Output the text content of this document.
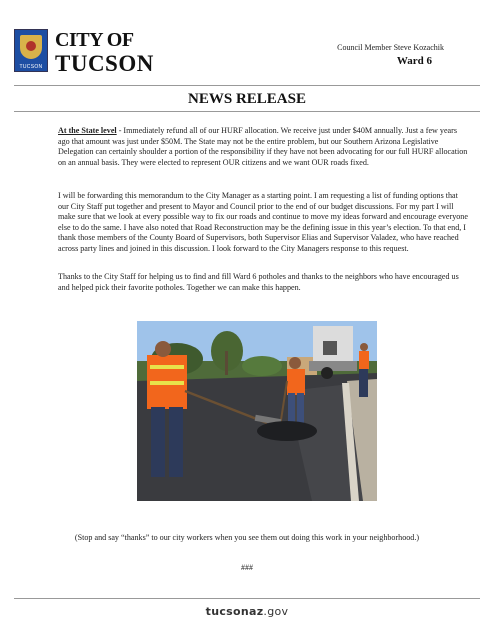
TUCSON
CITY OF
TUCSON
Council Member Steve Kozachik
Ward 6
NEWS RELEASE

At the State level - Immediately refund all of our HURF allocation. We receive just under $40M annually. Just a few years ago that amount was just under $50M. The State may not be the entire problem, but our Southern Arizona Legislative Delegation can certainly shoulder a portion of the responsibility if they have not been advocating for our full HURF allocation on an annual basis. They were elected to represent OUR citizens and we want OUR roads fixed.

I will be forwarding this memorandum to the City Manager as a starting point. I am requesting a list of funding options that our City Staff put together and present to Mayor and Council prior to the end of our budget discussions. For my part I will make sure that we look at every possible way to fix our roads and continue to move my ideas forward and encourage everyone else to do the same. I have also noted that Road Reconstruction may be the defining issue in this year’s election. To that end, I thank those members of the County Board of Supervisors, both Supervisor Elias and Supervisor Valadez, who have reached across party lines and joined in this discussion. I look forward to the City Managers response to this request.

Thanks to the City Staff for helping us to find and fill Ward 6 potholes and thanks to the neighbors who have encouraged us and helped pick their favorite potholes. Together we can make this happen.

(Stop and say “thanks” to our city workers when you see them out doing this work in your neighborhood.)
###
tucsonaz.gov
